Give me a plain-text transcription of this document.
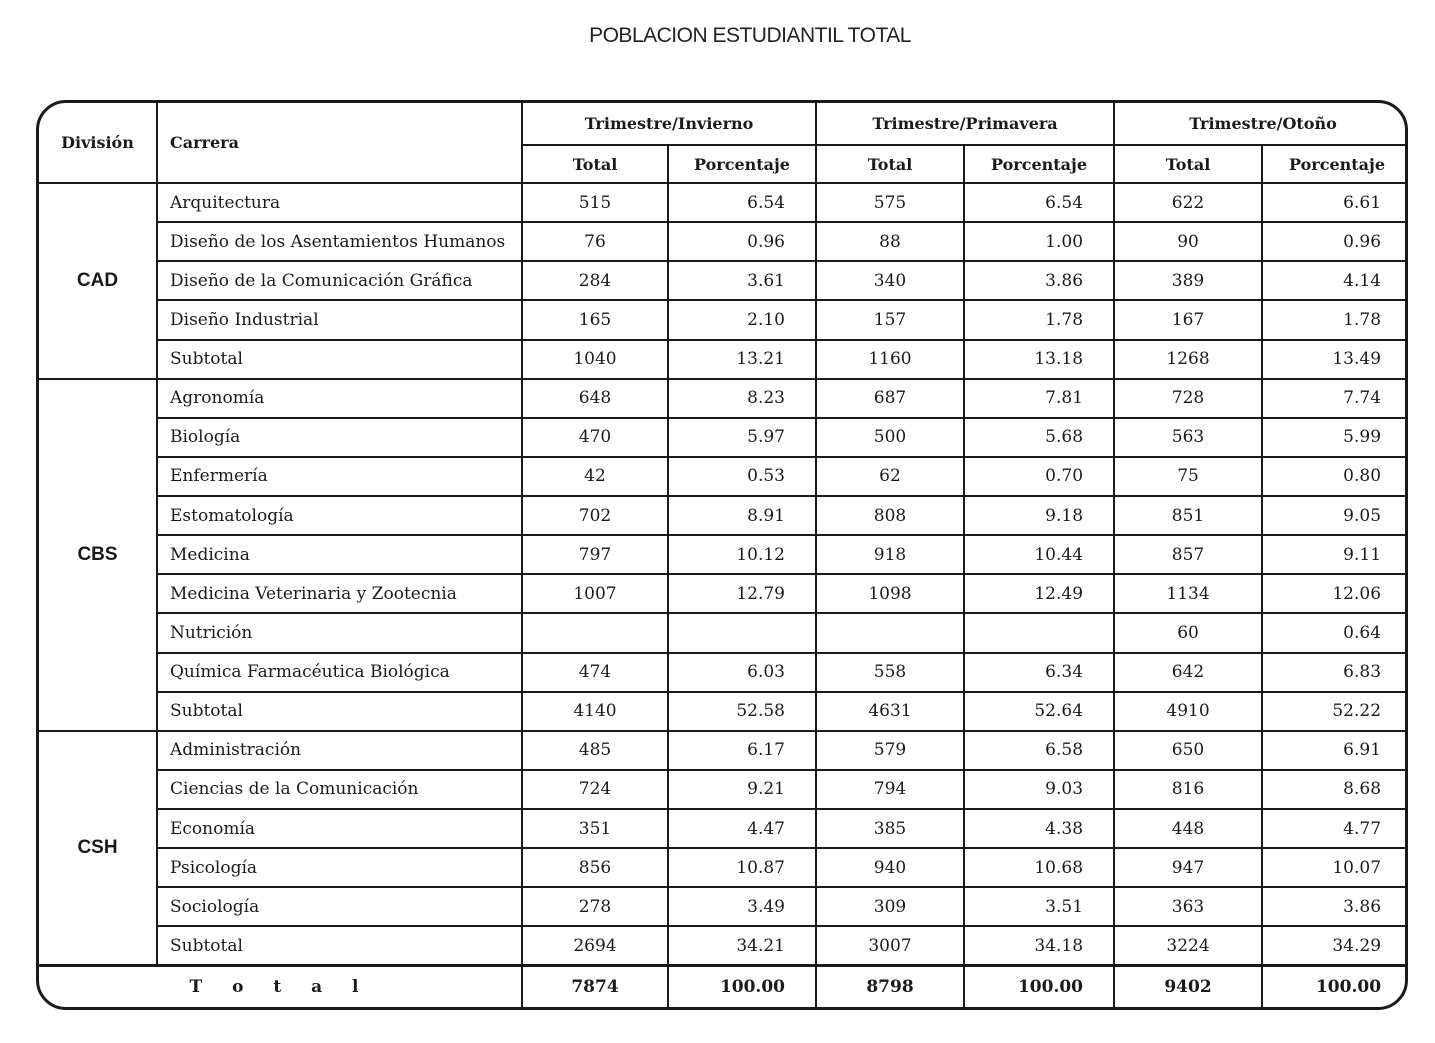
POBLACION ESTUDIANTIL TOTAL
División	Carrera	Trimestre/Invierno		Trimestre/Primavera		Trimestre/Otoño	
		Total	Porcentaje	Total	Porcentaje	Total	Porcentaje
CAD	Arquitectura	515	6.54	575	6.54	622	6.61
	Diseño de los Asentamientos Humanos	76	0.96	88	1.00	90	0.96
	Diseño de la Comunicación Gráfica	284	3.61	340	3.86	389	4.14
	Diseño Industrial	165	2.10	157	1.78	167	1.78
	Subtotal	1040	13.21	1160	13.18	1268	13.49
CBS	Agronomía	648	8.23	687	7.81	728	7.74
	Biología	470	5.97	500	5.68	563	5.99
	Enfermería	42	0.53	62	0.70	75	0.80
	Estomatología	702	8.91	808	9.18	851	9.05
	Medicina	797	10.12	918	10.44	857	9.11
	Medicina Veterinaria y Zootecnia	1007	12.79	1098	12.49	1134	12.06
	Nutrición					60	0.64
	Química Farmacéutica Biológica	474	6.03	558	6.34	642	6.83
	Subtotal	4140	52.58	4631	52.64	4910	52.22
CSH	Administración	485	6.17	579	6.58	650	6.91
	Ciencias de la Comunicación	724	9.21	794	9.03	816	8.68
	Economía	351	4.47	385	4.38	448	4.77
	Psicología	856	10.87	940	10.68	947	10.07
	Sociología	278	3.49	309	3.51	363	3.86
	Subtotal	2694	34.21	3007	34.18	3224	34.29
T o t a l		7874	100.00	8798	100.00	9402	100.00
